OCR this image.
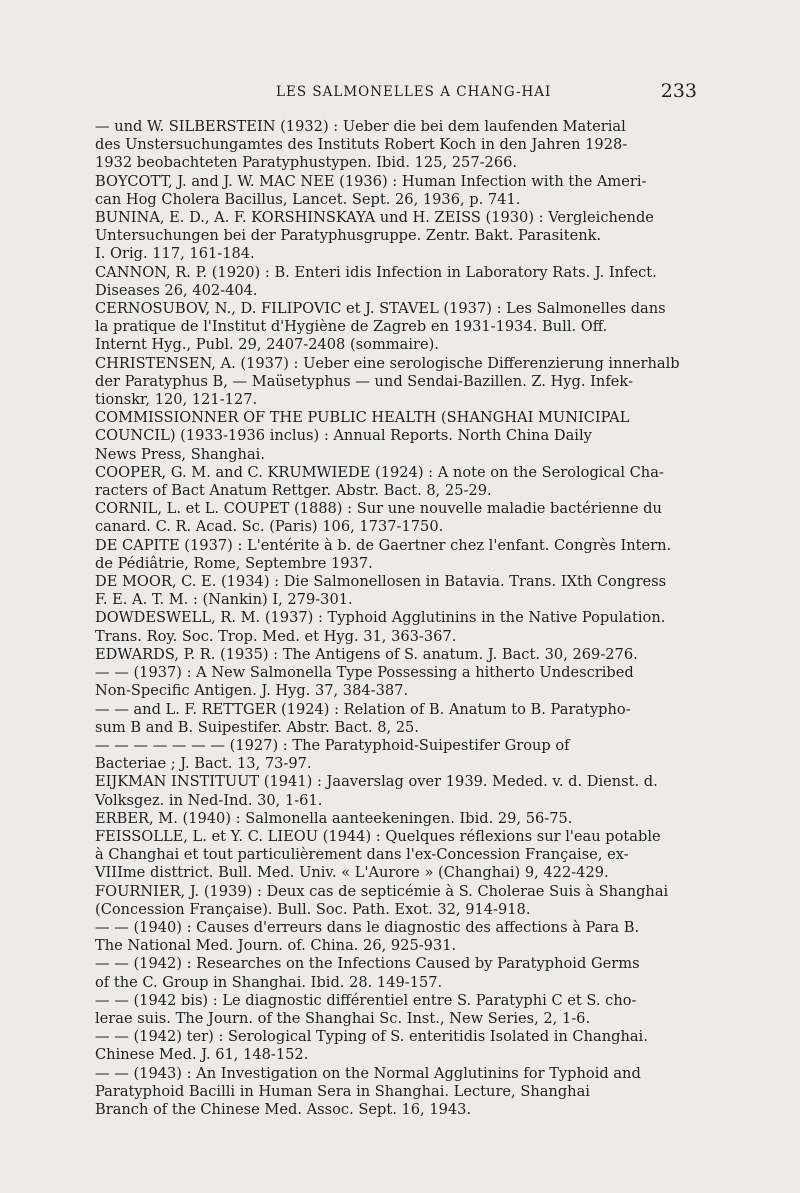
LES SALMONELLES A CHANG-HAI	233

— und W. SILBERSTEIN (1932) : Ueber die bei dem laufenden Material
des Unstersuchungamtes des Instituts Robert Koch in den Jahren 1928-
1932 beobachteten Paratyphustypen. Ibid. 125, 257-266.

BOYCOTT, J. and J. W. MAC NEE (1936) : Human Infection with the Ameri-
can Hog Cholera Bacillus, Lancet. Sept. 26, 1936, p. 741.

BUNINA, E. D., A. F. KORSHINSKAYA und H. ZEISS (1930) : Vergleichende
Untersuchungen bei der Paratyphusgruppe. Zentr. Bakt. Parasitenk.
I. Orig. 117, 161-184.

CANNON, R. P. (1920) : B. Enteri idis Infection in Laboratory Rats. J. Infect.
Diseases 26, 402-404.

CERNOSUBOV, N., D. FILIPOVIC et J. STAVEL (1937) : Les Salmonelles dans
la pratique de l'Institut d'Hygiène de Zagreb en 1931-1934. Bull. Off.
Internt Hyg., Publ. 29, 2407-2408 (sommaire).

CHRISTENSEN, A. (1937) : Ueber eine serologische Differenzierung innerhalb
der Paratyphus B, — Maüsetyphus — und Sendai-Bazillen. Z. Hyg. Infek-
tionskr, 120, 121-127.

COMMISSIONNER OF THE PUBLIC HEALTH (SHANGHAI MUNICIPAL
COUNCIL) (1933-1936 inclus) : Annual Reports. North China Daily
News Press, Shanghai.

COOPER, G. M. and C. KRUMWIEDE (1924) : A note on the Serological Cha-
racters of Bact Anatum Rettger. Abstr. Bact. 8, 25-29.

CORNIL, L. et L. COUPET (1888) : Sur une nouvelle maladie bactérienne du
canard. C. R. Acad. Sc. (Paris) 106, 1737-1750.

DE CAPITE (1937) : L'entérite à b. de Gaertner chez l'enfant. Congrès Intern.
de Pédiâtrie, Rome, Septembre 1937.

DE MOOR, C. E. (1934) : Die Salmonellosen in Batavia. Trans. IXth Congress
F. E. A. T. M. : (Nankin) I, 279-301.

DOWDESWELL, R. M. (1937) : Typhoid Agglutinins in the Native Population.
Trans. Roy. Soc. Trop. Med. et Hyg. 31, 363-367.

EDWARDS, P. R. (1935) : The Antigens of S. anatum. J. Bact. 30, 269-276.

— — (1937) : A New Salmonella Type Possessing a hitherto Undescribed
Non-Specific Antigen. J. Hyg. 37, 384-387.

— — and L. F. RETTGER (1924) : Relation of B. Anatum to B. Paratypho-
sum B and B. Suipestifer. Abstr. Bact. 8, 25.

— — — — — — — (1927) : The Paratyphoid-Suipestifer Group of
Bacteriae ; J. Bact. 13, 73-97.

EIJKMAN INSTITUUT (1941) : Jaaverslag over 1939. Meded. v. d. Dienst. d.
Volksgez. in Ned-Ind. 30, 1-61.

ERBER, M. (1940) : Salmonella aanteekeningen. Ibid. 29, 56-75.

FEISSOLLE, L. et Y. C. LIEOU (1944) : Quelques réflexions sur l'eau potable
à Changhai et tout particulièrement dans l'ex-Concession Française, ex-
VIIIme disttrict. Bull. Med. Univ. « L'Aurore » (Changhai) 9, 422-429.

FOURNIER, J. (1939) : Deux cas de septicémie à S. Cholerae Suis à Shanghai
(Concession Française). Bull. Soc. Path. Exot. 32, 914-918.

— — (1940) : Causes d'erreurs dans le diagnostic des affections à Para B.
The National Med. Journ. of. China. 26, 925-931.

— — (1942) : Researches on the Infections Caused by Paratyphoid Germs
of the C. Group in Shanghai. Ibid. 28. 149-157.

— — (1942 bis) : Le diagnostic différentiel entre S. Paratyphi C et S. cho-
lerae suis. The Journ. of the Shanghai Sc. Inst., New Series, 2, 1-6.

— — (1942) ter) : Serological Typing of S. enteritidis Isolated in Changhai.
Chinese Med. J. 61, 148-152.

— — (1943) : An Investigation on the Normal Agglutinins for Typhoid and
Paratyphoid Bacilli in Human Sera in Shanghai. Lecture, Shanghai
Branch of the Chinese Med. Assoc. Sept. 16, 1943.
